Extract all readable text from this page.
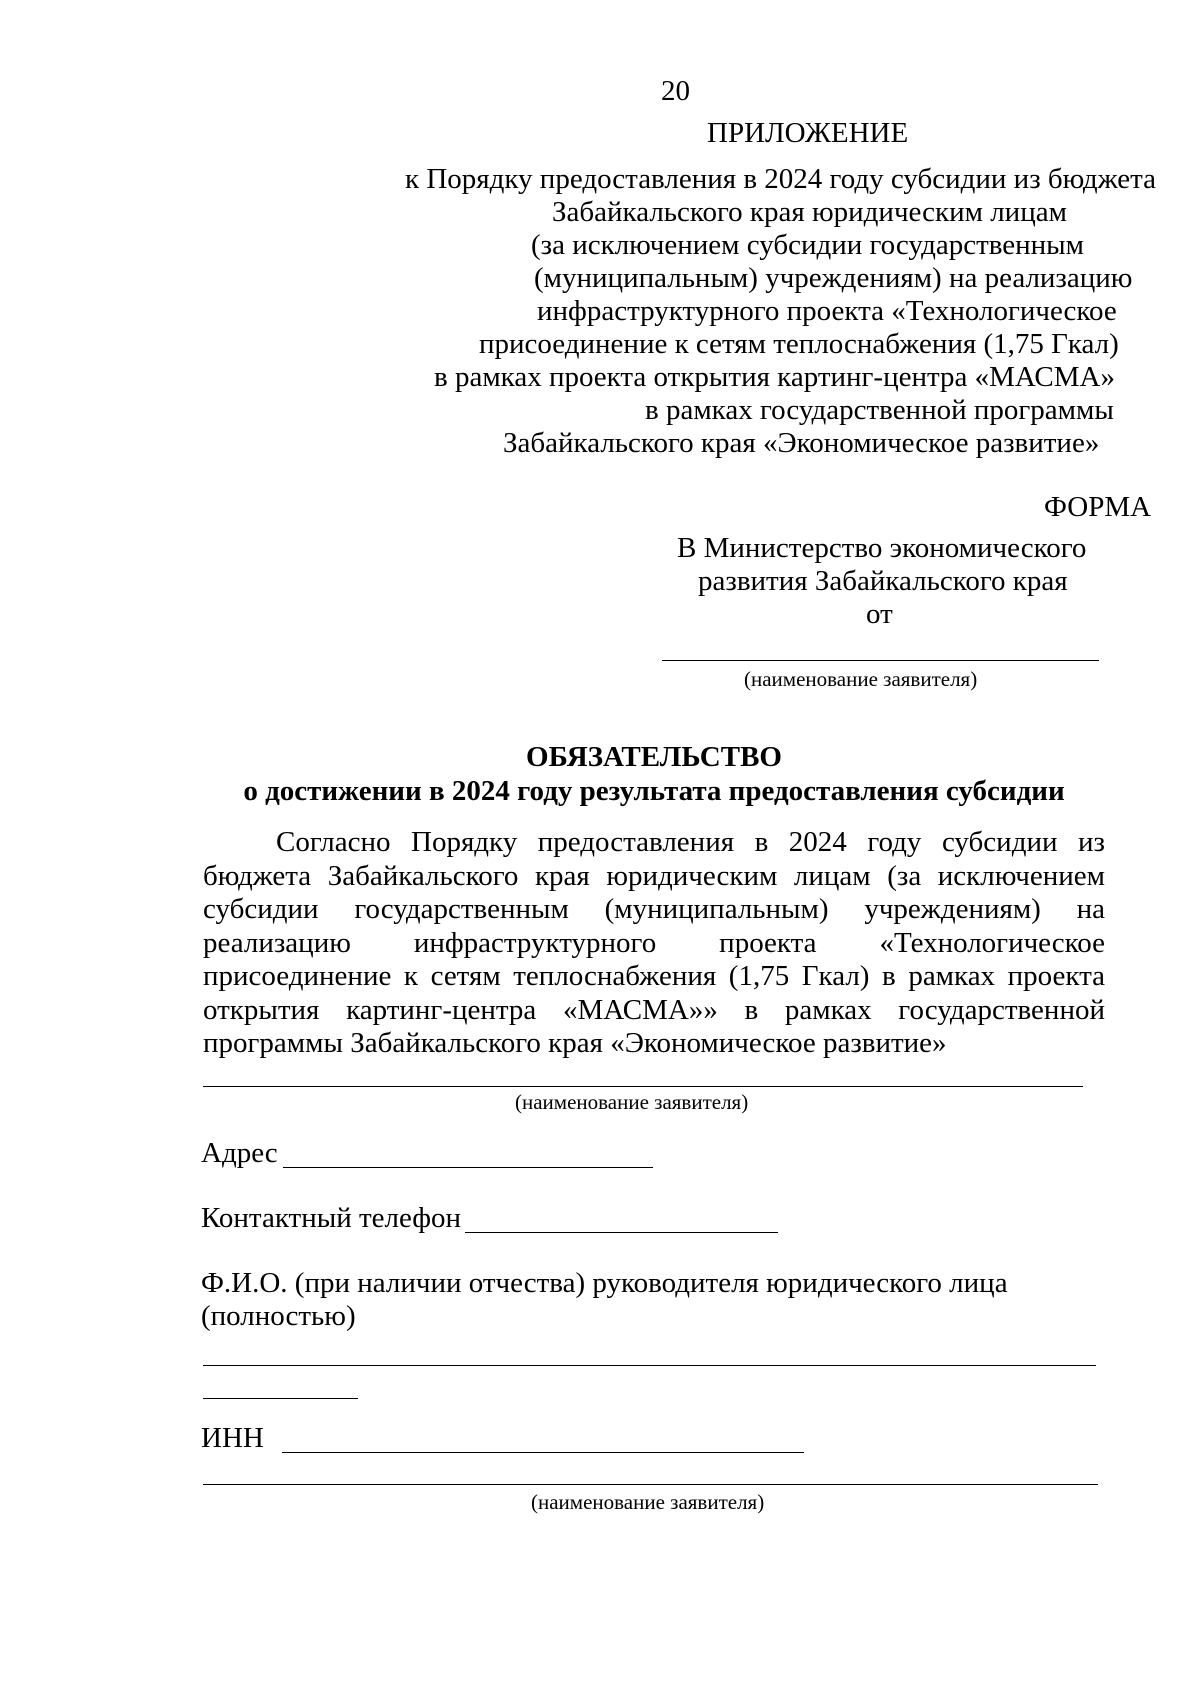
20
ПРИЛОЖЕНИЕ
к Порядку предоставления в 2024 году субсидии из бюджета
Забайкальского края юридическим лицам
(за исключением субсидии государственным
(муниципальным) учреждениям) на реализацию
инфраструктурного проекта «Технологическое
присоединение к сетям теплоснабжения (1,75 Гкал)
в рамках проекта открытия картинг-центра «МАСМА»
в рамках государственной программы
Забайкальского края «Экономическое развитие»
ФОРМА
В Министерство экономического
развития Забайкальского края
от
(наименование заявителя)
ОБЯЗАТЕЛЬСТВО
о достижении в 2024 году результата предоставления субсидии
Согласно Порядку предоставления в 2024 году субсидии из бюджета Забайкальского края юридическим лицам (за исключением субсидии государственным (муниципальным) учреждениям) на реализацию инфраструктурного проекта «Технологическое присоединение к сетям теплоснабжения (1,75 Гкал) в рамках проекта открытия картинг-центра «МАСМА»» в рамках государственной программы Забайкальского края «Экономическое развитие»
(наименование заявителя)
Адрес
Контактный телефон
Ф.И.О. (при наличии отчества) руководителя юридического лица
(полностью)
ИНН
(наименование заявителя)
